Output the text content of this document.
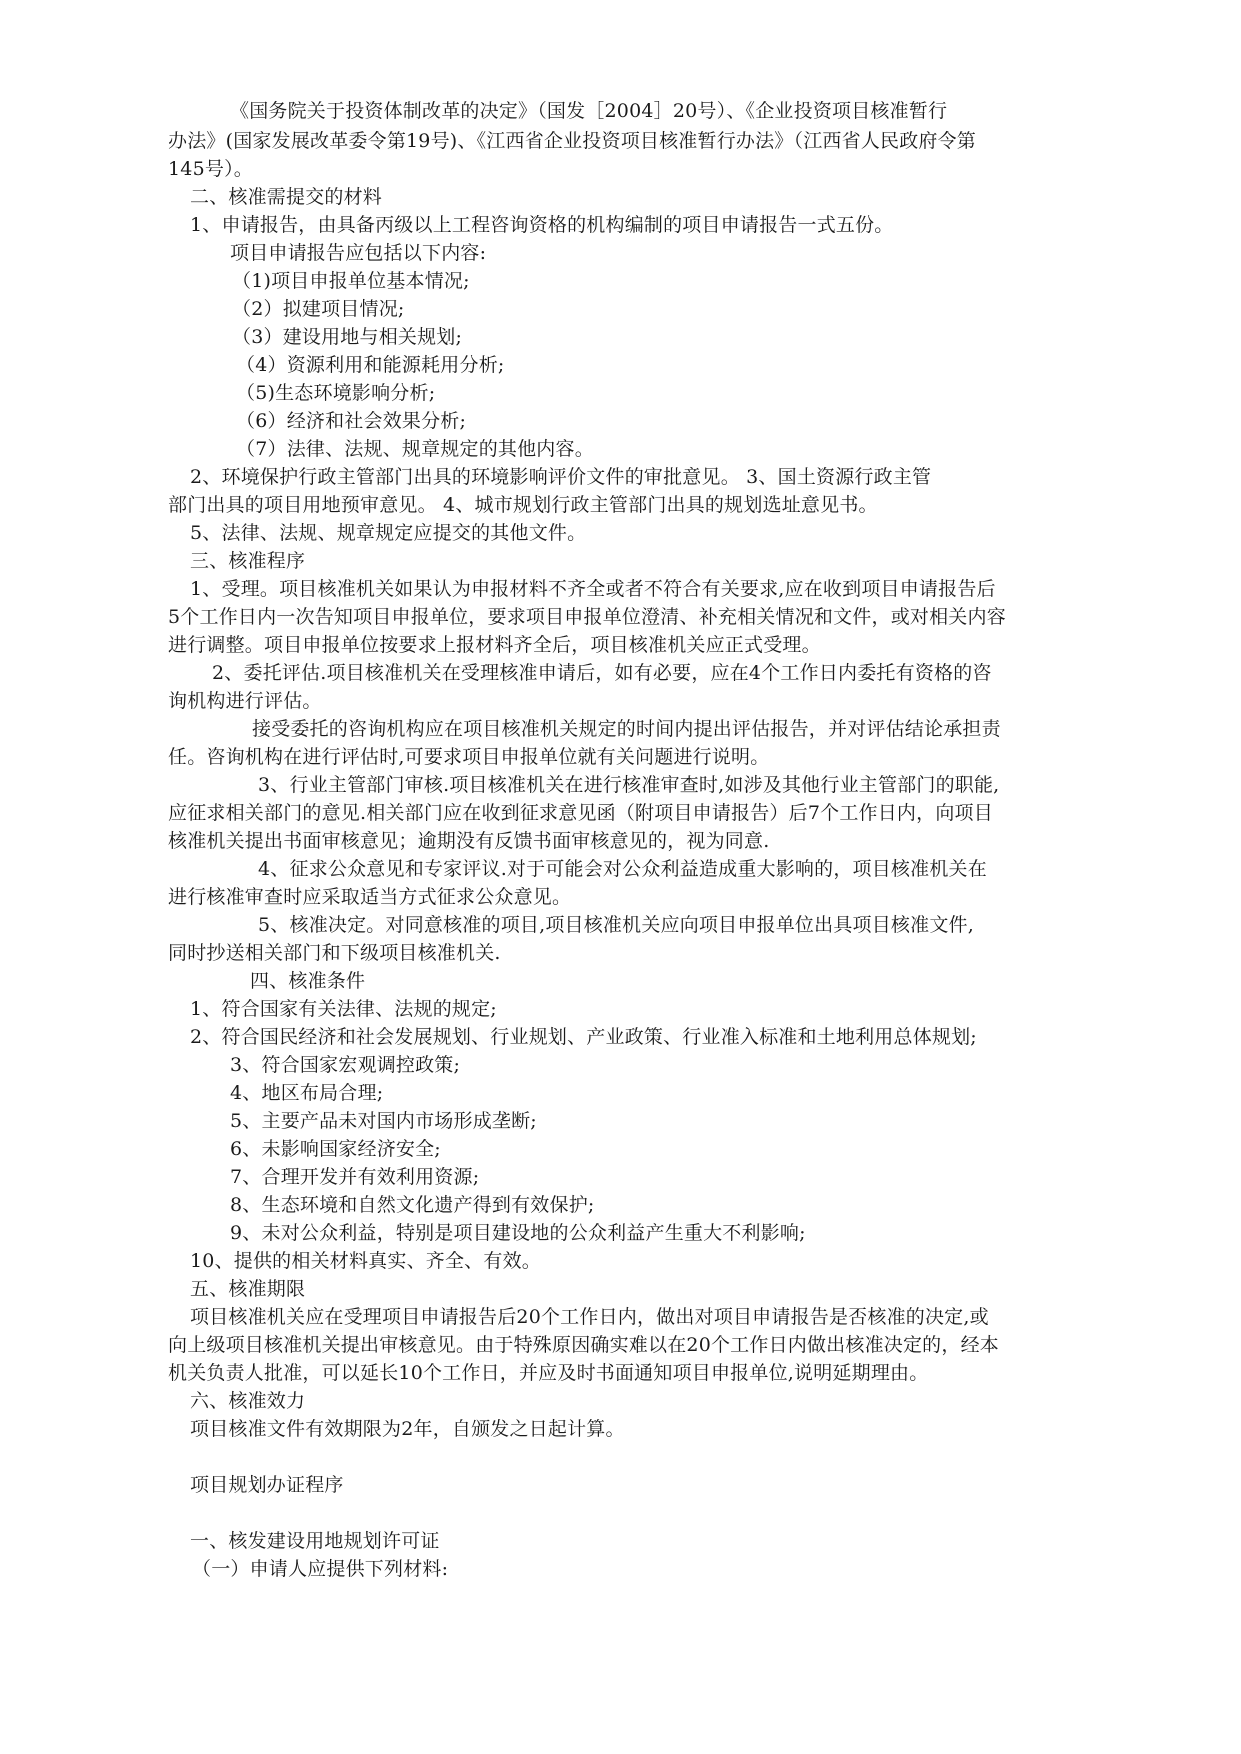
《国务院关于投资体制改革的决定》（国发［2004］20号）、《企业投资项目核准暂行
办法》(国家发展改革委令第19号)、《江西省企业投资项目核准暂行办法》（江西省人民政府令第
145号）。
二、核准需提交的材料
1、申请报告，由具备丙级以上工程咨询资格的机构编制的项目申请报告一式五份。
项目申请报告应包括以下内容:
（1)项目申报单位基本情况;
（2）拟建项目情况;
（3）建设用地与相关规划;
（4）资源利用和能源耗用分析;
（5)生态环境影响分析;
（6）经济和社会效果分析;
（7）法律、法规、规章规定的其他内容。
2、环境保护行政主管部门出具的环境影响评价文件的审批意见。 3、国土资源行政主管
部门出具的项目用地预审意见。 4、城市规划行政主管部门出具的规划选址意见书。
5、法律、法规、规章规定应提交的其他文件。
三、核准程序
1、受理。项目核准机关如果认为申报材料不齐全或者不符合有关要求,应在收到项目申请报告后
5个工作日内一次告知项目申报单位，要求项目申报单位澄清、补充相关情况和文件，或对相关内容
进行调整。项目申报单位按要求上报材料齐全后，项目核准机关应正式受理。
2、委托评估.项目核准机关在受理核准申请后，如有必要，应在4个工作日内委托有资格的咨
询机构进行评估。
接受委托的咨询机构应在项目核准机关规定的时间内提出评估报告，并对评估结论承担责
任。咨询机构在进行评估时,可要求项目申报单位就有关问题进行说明。
3、行业主管部门审核.项目核准机关在进行核准审查时,如涉及其他行业主管部门的职能,
应征求相关部门的意见.相关部门应在收到征求意见函（附项目申请报告）后7个工作日内，向项目
核准机关提出书面审核意见；逾期没有反馈书面审核意见的，视为同意.
4、征求公众意见和专家评议.对于可能会对公众利益造成重大影响的，项目核准机关在
进行核准审查时应采取适当方式征求公众意见。
5、核准决定。对同意核准的项目,项目核准机关应向项目申报单位出具项目核准文件,
同时抄送相关部门和下级项目核准机关.
四、核准条件
1、符合国家有关法律、法规的规定;
2、符合国民经济和社会发展规划、行业规划、产业政策、行业准入标准和土地利用总体规划;
3、符合国家宏观调控政策;
4、地区布局合理;
5、主要产品未对国内市场形成垄断;
6、未影响国家经济安全;
7、合理开发并有效利用资源;
8、生态环境和自然文化遗产得到有效保护;
9、未对公众利益，特别是项目建设地的公众利益产生重大不利影响;
10、提供的相关材料真实、齐全、有效。
五、核准期限
项目核准机关应在受理项目申请报告后20个工作日内，做出对项目申请报告是否核准的决定,或
向上级项目核准机关提出审核意见。由于特殊原因确实难以在20个工作日内做出核准决定的，经本
机关负责人批准，可以延长10个工作日，并应及时书面通知项目申报单位,说明延期理由。
六、核准效力
项目核准文件有效期限为2年，自颁发之日起计算。
项目规划办证程序
一、核发建设用地规划许可证
（一）申请人应提供下列材料:
